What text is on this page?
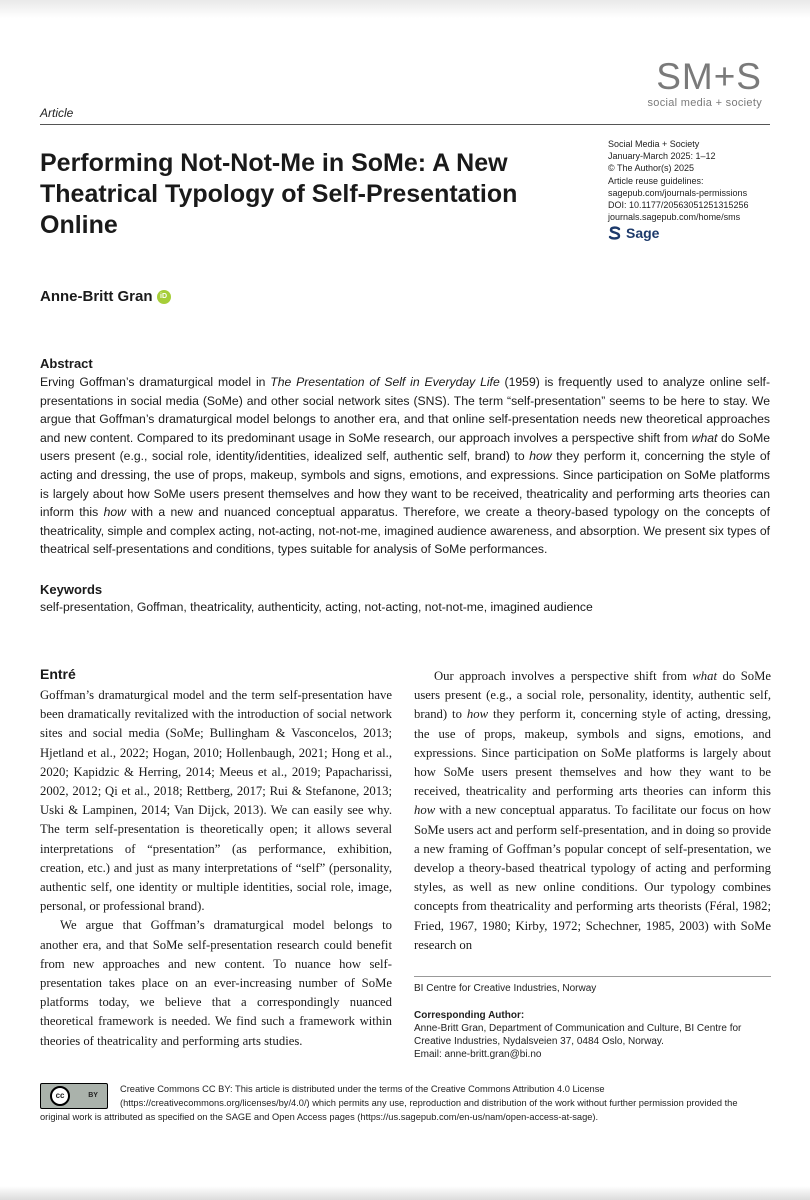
SM+S
social media + society
Article
Performing Not-Not-Me in SoMe: A New Theatrical Typology of Self-Presentation Online
Social Media + Society
January-March 2025: 1–12
© The Author(s) 2025
Article reuse guidelines:
sagepub.com/journals-permissions
DOI: 10.1177/20563051251315256
journals.sagepub.com/home/sms
Sage
Anne-Britt Gran	iD
Abstract
Erving Goffman’s dramaturgical model in The Presentation of Self in Everyday Life (1959) is frequently used to analyze online self-presentations in social media (SoMe) and other social network sites (SNS). The term “self-presentation” seems to be here to stay. We argue that Goffman’s dramaturgical model belongs to another era, and that online self-presentation needs new theoretical approaches and new content. Compared to its predominant usage in SoMe research, our approach involves a perspective shift from what do SoMe users present (e.g., social role, identity/identities, idealized self, authentic self, brand) to how they perform it, concerning the style of acting and dressing, the use of props, makeup, symbols and signs, emotions, and expressions. Since participation on SoMe platforms is largely about how SoMe users present themselves and how they want to be received, theatricality and performing arts theories can inform this how with a new and nuanced conceptual apparatus. Therefore, we create a theory-based typology on the concepts of theatricality, simple and complex acting, not-acting, not-not-me, imagined audience awareness, and absorption. We present six types of theatrical self-presentations and conditions, types suitable for analysis of SoMe performances.
Keywords
self-presentation, Goffman, theatricality, authenticity, acting, not-acting, not-not-me, imagined audience
Entré

Goffman’s dramaturgical model and the term self-presentation have been dramatically revitalized with the introduction of social network sites and social media (SoMe; Bullingham & Vasconcelos, 2013; Hjetland et al., 2022; Hogan, 2010; Hollenbaugh, 2021; Hong et al., 2020; Kapidzic & Herring, 2014; Meeus et al., 2019; Papacharissi, 2002, 2012; Qi et al., 2018; Rettberg, 2017; Rui & Stefanone, 2013; Uski & Lampinen, 2014; Van Dijck, 2013). We can easily see why. The term self-presentation is theoretically open; it allows several interpretations of “presentation” (as performance, exhibition, creation, etc.) and just as many interpretations of “self” (personality, authentic self, one identity or multiple identities, social role, image, personal, or professional brand).

We argue that Goffman’s dramaturgical model belongs to another era, and that SoMe self-presentation research could benefit from new approaches and new content. To nuance how self-presentation takes place on an ever-increasing number of SoMe platforms today, we believe that a correspondingly nuanced theoretical framework is needed. We find such a framework within theories of theatricality and performing arts studies.

Our approach involves a perspective shift from what do SoMe users present (e.g., a social role, personality, identity, authentic self, brand) to how they perform it, concerning style of acting, dressing, the use of props, makeup, symbols and signs, emotions, and expressions. Since participation on SoMe platforms is largely about how SoMe users present themselves and how they want to be received, theatricality and performing arts theories can inform this how with a new conceptual apparatus. To facilitate our focus on how SoMe users act and perform self-presentation, and in doing so provide a new framing of Goffman’s popular concept of self-presentation, we develop a theory-based theatrical typology of acting and performing styles, as well as new online conditions. Our typology combines concepts from theatricality and performing arts theorists (Féral, 1982; Fried, 1967, 1980; Kirby, 1972; Schechner, 1985, 2003) with SoMe research on

BI Centre for Creative Industries, Norway
Corresponding Author:
Anne-Britt Gran, Department of Communication and Culture, BI Centre for Creative Industries, Nydalsveien 37, 0484 Oslo, Norway.
Email: anne-britt.gran@bi.no
cc	BY
Creative Commons CC BY: This article is distributed under the terms of the Creative Commons Attribution 4.0 License (https://creativecommons.org/licenses/by/4.0/) which permits any use, reproduction and distribution of the work without further permission provided the original work is attributed as specified on the SAGE and Open Access pages (https://us.sagepub.com/en-us/nam/open-access-at-sage).
